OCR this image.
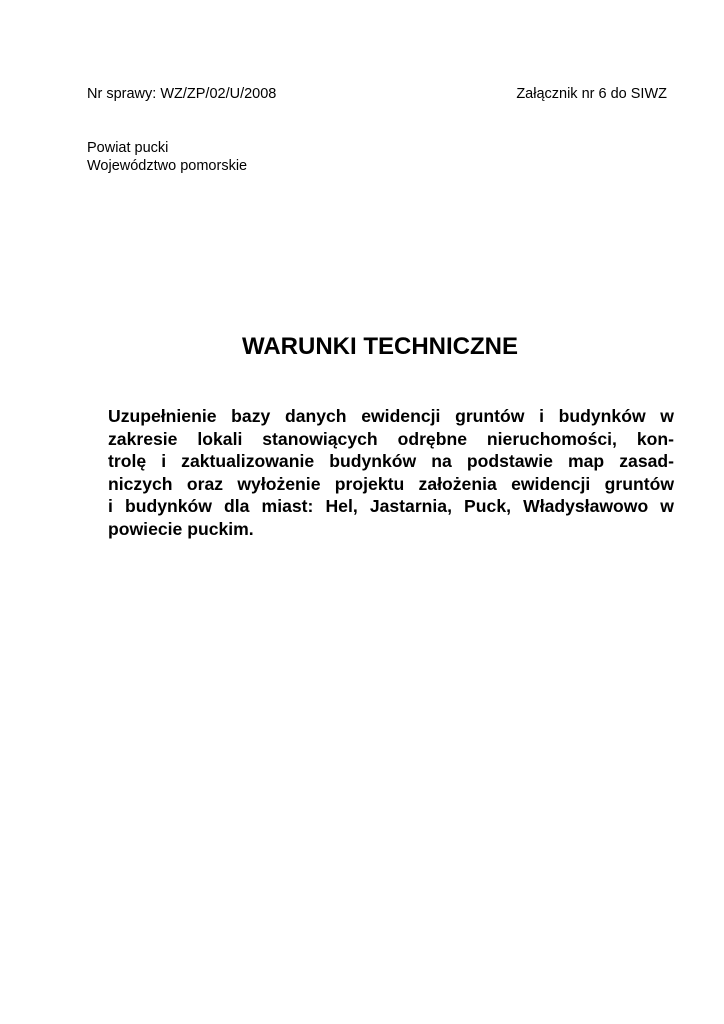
Nr sprawy: WZ/ZP/02/U/2008	Załącznik nr 6 do SIWZ
Powiat pucki
Województwo pomorskie
WARUNKI TECHNICZNE
Uzupełnienie bazy danych ewidencji gruntów i budynków w
zakresie lokali stanowiących odrębne nieruchomości, kon-
trolę i zaktualizowanie budynków na podstawie map zasad-
niczych oraz wyłożenie projektu założenia ewidencji gruntów
i budynków dla miast: Hel, Jastarnia, Puck, Władysławowo w
powiecie puckim.
